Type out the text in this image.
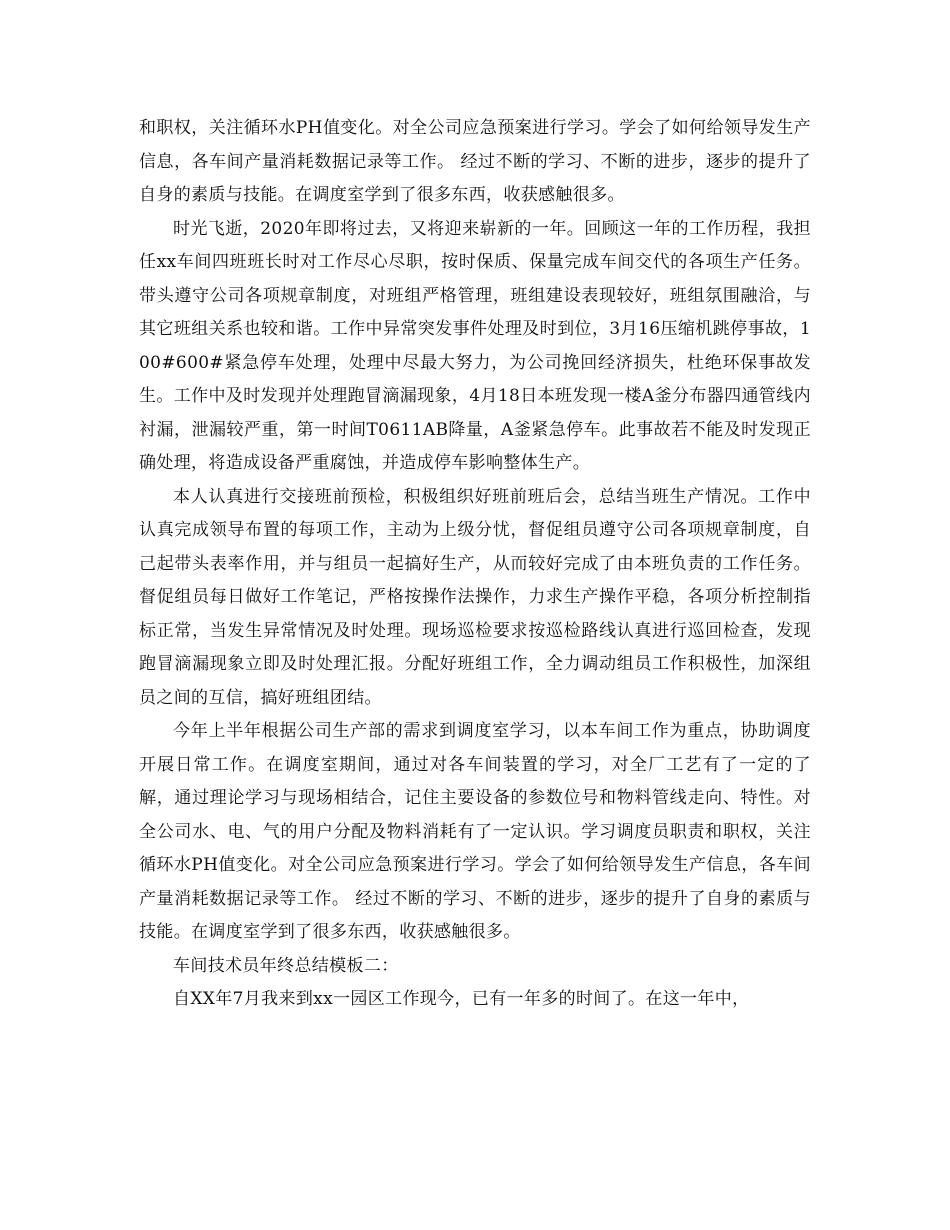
和职权，关注循环水PH值变化。对全公司应急预案进行学习。学会了如何给领导发生产信息，各车间产量消耗数据记录等工作。 经过不断的学习、不断的进步，逐步的提升了自身的素质与技能。在调度室学到了很多东西，收获感触很多。

时光飞逝，2020年即将过去，又将迎来崭新的一年。回顾这一年的工作历程，我担任xx车间四班班长时对工作尽心尽职，按时保质、保量完成车间交代的各项生产任务。带头遵守公司各项规章制度，对班组严格管理，班组建设表现较好，班组氛围融洽，与其它班组关系也较和谐。工作中异常突发事件处理及时到位，3月16压缩机跳停事故，100#600#紧急停车处理，处理中尽最大努力，为公司挽回经济损失，杜绝环保事故发生。工作中及时发现并处理跑冒滴漏现象，4月18日本班发现一楼A釜分布器四通管线内衬漏，泄漏较严重，第一时间T0611AB降量，A釜紧急停车。此事故若不能及时发现正确处理，将造成设备严重腐蚀，并造成停车影响整体生产。

本人认真进行交接班前预检，积极组织好班前班后会，总结当班生产情况。工作中认真完成领导布置的每项工作，主动为上级分忧，督促组员遵守公司各项规章制度，自己起带头表率作用，并与组员一起搞好生产，从而较好完成了由本班负责的工作任务。督促组员每日做好工作笔记，严格按操作法操作，力求生产操作平稳，各项分析控制指标正常，当发生异常情况及时处理。现场巡检要求按巡检路线认真进行巡回检查，发现跑冒滴漏现象立即及时处理汇报。分配好班组工作，全力调动组员工作积极性，加深组员之间的互信，搞好班组团结。

今年上半年根据公司生产部的需求到调度室学习，以本车间工作为重点，协助调度开展日常工作。在调度室期间，通过对各车间装置的学习，对全厂工艺有了一定的了解，通过理论学习与现场相结合，记住主要设备的参数位号和物料管线走向、特性。对全公司水、电、气的用户分配及物料消耗有了一定认识。学习调度员职责和职权，关注循环水PH值变化。对全公司应急预案进行学习。学会了如何给领导发生产信息，各车间产量消耗数据记录等工作。 经过不断的学习、不断的进步，逐步的提升了自身的素质与技能。在调度室学到了很多东西，收获感触很多。

车间技术员年终总结模板二：

自XX年7月我来到xx一园区工作现今，已有一年多的时间了。在这一年中，
